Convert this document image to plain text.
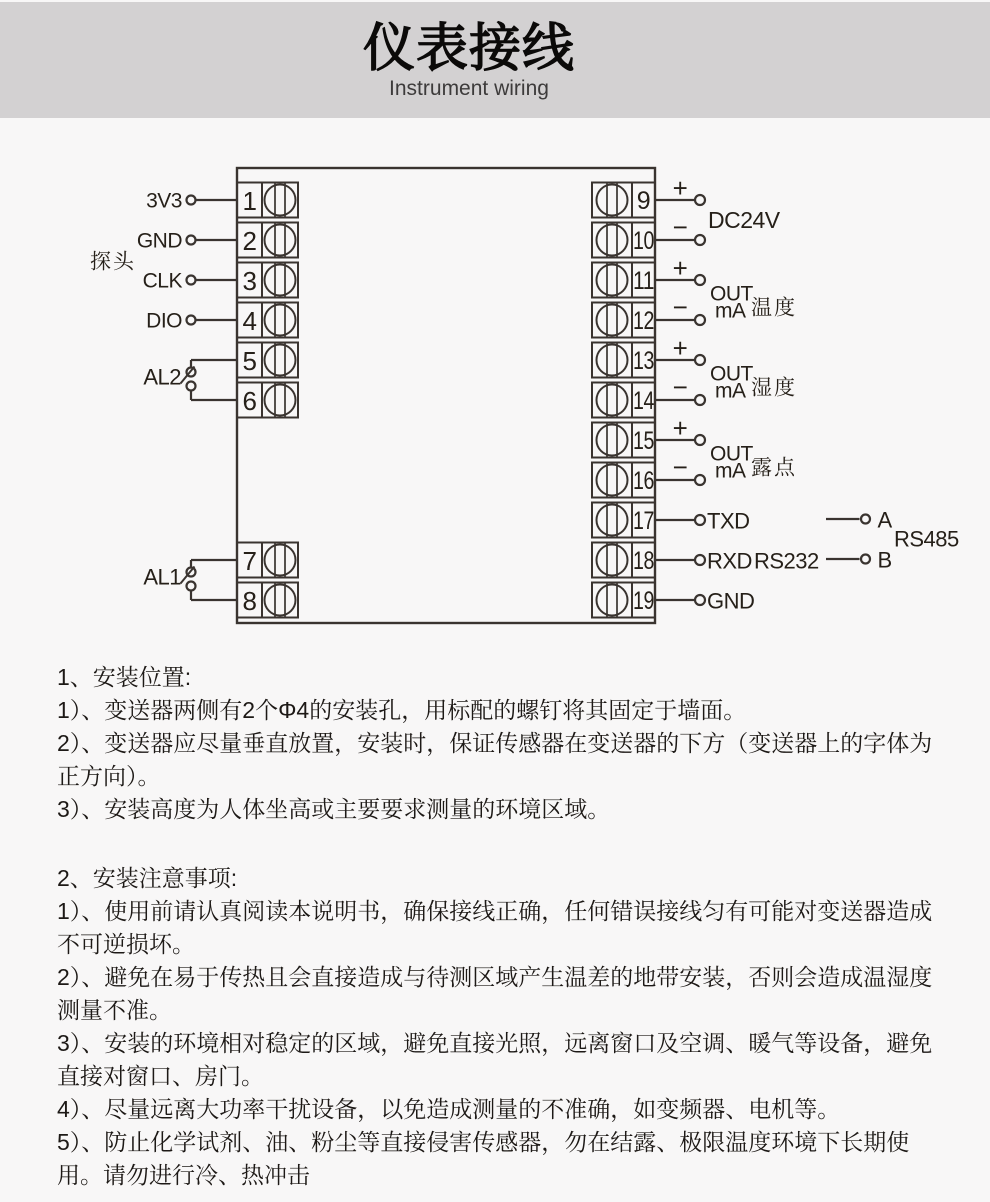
仪表接线
Instrument wiring
1
3V3
2
GND
3
CLK
4
DIO
探头
5
6
AL2
7
8
AL1
9
10
+
− DC24V
11
12
+
− OUT
mA 温度
13
14
+
− OUT
mA 湿度
15
16
+
− OUT
mA 露点
17 TXD
18 RXD RS232
19 GND
A
B
RS485

1、安装位置:

1）、变送器两侧有2个Φ4的安装孔，用标配的螺钉将其固定于墙面。

2）、变送器应尽量垂直放置，安装时，保证传感器在变送器的下方（变送器上的字体为正方向）。

3）、安装高度为人体坐高或主要要求测量的环境区域。

2、安装注意事项:

1）、使用前请认真阅读本说明书，确保接线正确，任何错误接线匀有可能对变送器造成不可逆损坏。

2）、避免在易于传热且会直接造成与待测区域产生温差的地带安装，否则会造成温湿度测量不准。

3）、安装的环境相对稳定的区域，避免直接光照，远离窗口及空调、暖气等设备，避免直接对窗口、房门。

4）、尽量远离大功率干扰设备，以免造成测量的不准确，如变频器、电机等。

5）、防止化学试剂、油、粉尘等直接侵害传感器，勿在结露、极限温度环境下长期使用。请勿进行冷、热冲击
